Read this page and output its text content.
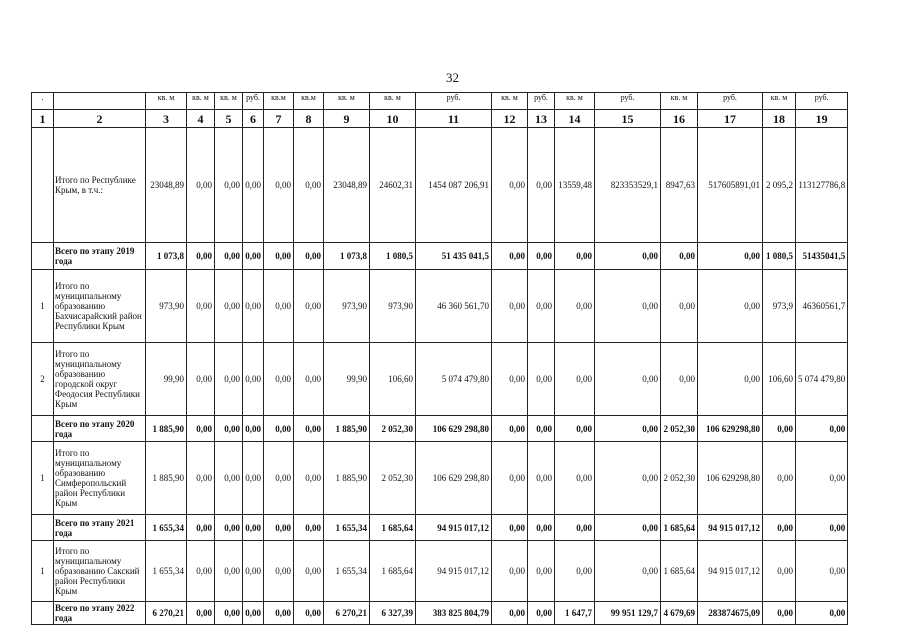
32
.		кв. м	кв. м	кв. м	руб.	кв.м	кв.м	кв. м	кв. м	руб.	кв. м	руб.	кв. м	руб.	кв. м	руб.	кв. м	руб.
1	2	3	4	5	6	7	8	9	10	11	12	13	14	15	16	17	18	19
	Итого по Республике Крым, в т.ч.:	23048,89	0,00	0,00	0,00	0,00	0,00	23048,89	24602,31	1454 087 206,91	0,00	0,00	13559,48	823353529,1	8947,63	517605891,01	2 095,2	113127786,8
	Всего по этапу 2019 года	1 073,8	0,00	0,00	0,00	0,00	0,00	1 073,8	1 080,5	51 435 041,5	0,00	0,00	0,00	0,00	0,00	0,00	1 080,5	51435041,5
1	Итого по муниципальному образованию Бахчисарайский район Республики Крым	973,90	0,00	0,00	0,00	0,00	0,00	973,90	973,90	46 360 561,70	0,00	0,00	0,00	0,00	0,00	0,00	973,9	46360561,7
2	Итого по муниципальному образованию городской округ Феодосия Республики Крым	99,90	0,00	0,00	0,00	0,00	0,00	99,90	106,60	5 074 479,80	0,00	0,00	0,00	0,00	0,00	0,00	106,60	5 074 479,80
	Всего по этапу 2020 года	1 885,90	0,00	0,00	0,00	0,00	0,00	1 885,90	2 052,30	106 629 298,80	0,00	0,00	0,00	0,00	2 052,30	106 629298,80	0,00	0,00
1	Итого по муниципальному образованию Симферопольский район Республики Крым	1 885,90	0,00	0,00	0,00	0,00	0,00	1 885,90	2 052,30	106 629 298,80	0,00	0,00	0,00	0,00	2 052,30	106 629298,80	0,00	0,00
	Всего по этапу 2021 года	1 655,34	0,00	0,00	0,00	0,00	0,00	1 655,34	1 685,64	94 915 017,12	0,00	0,00	0,00	0,00	1 685,64	94 915 017,12	0,00	0,00
1	Итого по муниципальному образованию Сакский район Республики Крым	1 655,34	0,00	0,00	0,00	0,00	0,00	1 655,34	1 685,64	94 915 017,12	0,00	0,00	0,00	0,00	1 685,64	94 915 017,12	0,00	0,00
	Всего по этапу 2022 года	6 270,21	0,00	0,00	0,00	0,00	0,00	6 270,21	6 327,39	383 825 804,79	0,00	0,00	1 647,7	99 951 129,7	4 679,69	283874675,09	0,00	0,00
